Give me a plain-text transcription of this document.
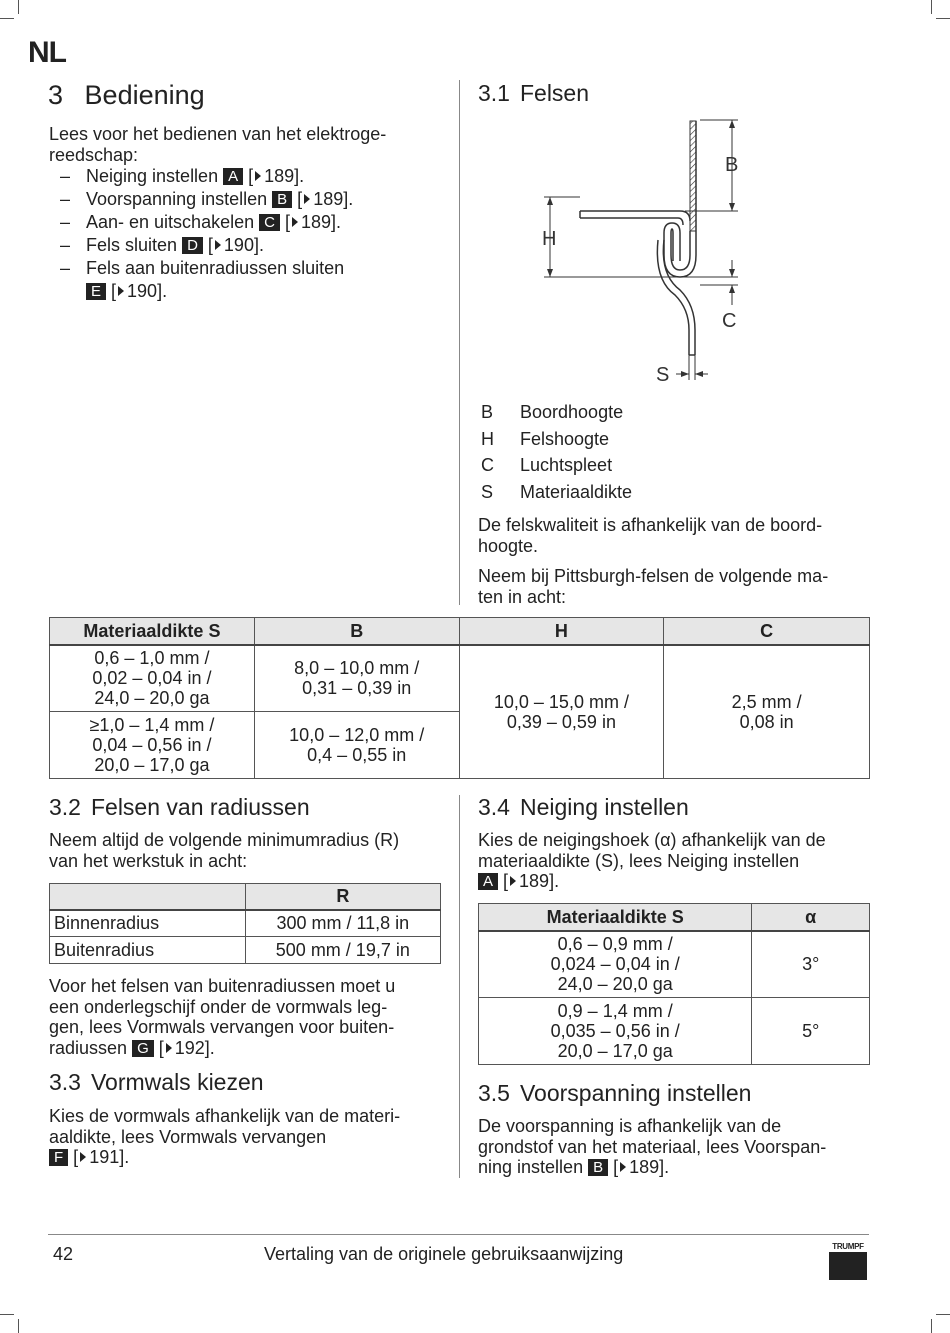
NL
3 Bediening

Lees voor het bedienen van het elektroge-
reedschap:

– Neiging instellen A [ 189].
– Voorspanning instellen B [ 189].
– Aan- en uitschakelen C [ 189].
– Fels sluiten D [ 190].
– Fels aan buitenradiussen sluiten
E [ 190].
3.1 Felsen
B
H
C
S
B Boordhoogte
H Felshoogte
C Luchtspleet
S Materiaaldikte

De felskwaliteit is afhankelijk van de boord-
hoogte.

Neem bij Pittsburgh-felsen de volgende ma-
ten in acht:

Materiaaldikte S	B	H	C
0,6 – 1,0 mm /
0,02 – 0,04 in /
24,0 – 20,0 ga	8,0 – 10,0 mm /
0,31 – 0,39 in	10,0 – 15,0 mm /
0,39 – 0,59 in	2,5 mm /
0,08 in
≥1,0 – 1,4 mm /
0,04 – 0,56 in /
20,0 – 17,0 ga	10,0 – 12,0 mm /
0,4 – 0,55 in		
3.2 Felsen van radiussen

Neem altijd de volgende minimumradius (R)
van het werkstuk in acht:

	R
Binnenradius	300 mm / 11,8 in
Buitenradius	500 mm / 19,7 in

Voor het felsen van buitenradiussen moet u
een onderlegschijf onder de vormwals leg-
gen, lees Vormwals vervangen voor buiten-
radiussen G [ 192].

3.3 Vormwals kiezen

Kies de vormwals afhankelijk van de materi-
aaldikte, lees Vormwals vervangen
F [ 191].

3.4 Neiging instellen

Kies de neigingshoek (α) afhankelijk van de
materiaaldikte (S), lees Neiging instellen
A [ 189].

Materiaaldikte S	α
0,6 – 0,9 mm /
0,024 – 0,04 in /
24,0 – 20,0 ga	3°
0,9 – 1,4 mm /
0,035 – 0,56 in /
20,0 – 17,0 ga	5°
3.5 Voorspanning instellen

De voorspanning is afhankelijk van de
grondstof van het materiaal, lees Voorspan-
ning instellen B [ 189].

42	Vertaling van de originele gebruiksaanwijzing	TRUMPF
